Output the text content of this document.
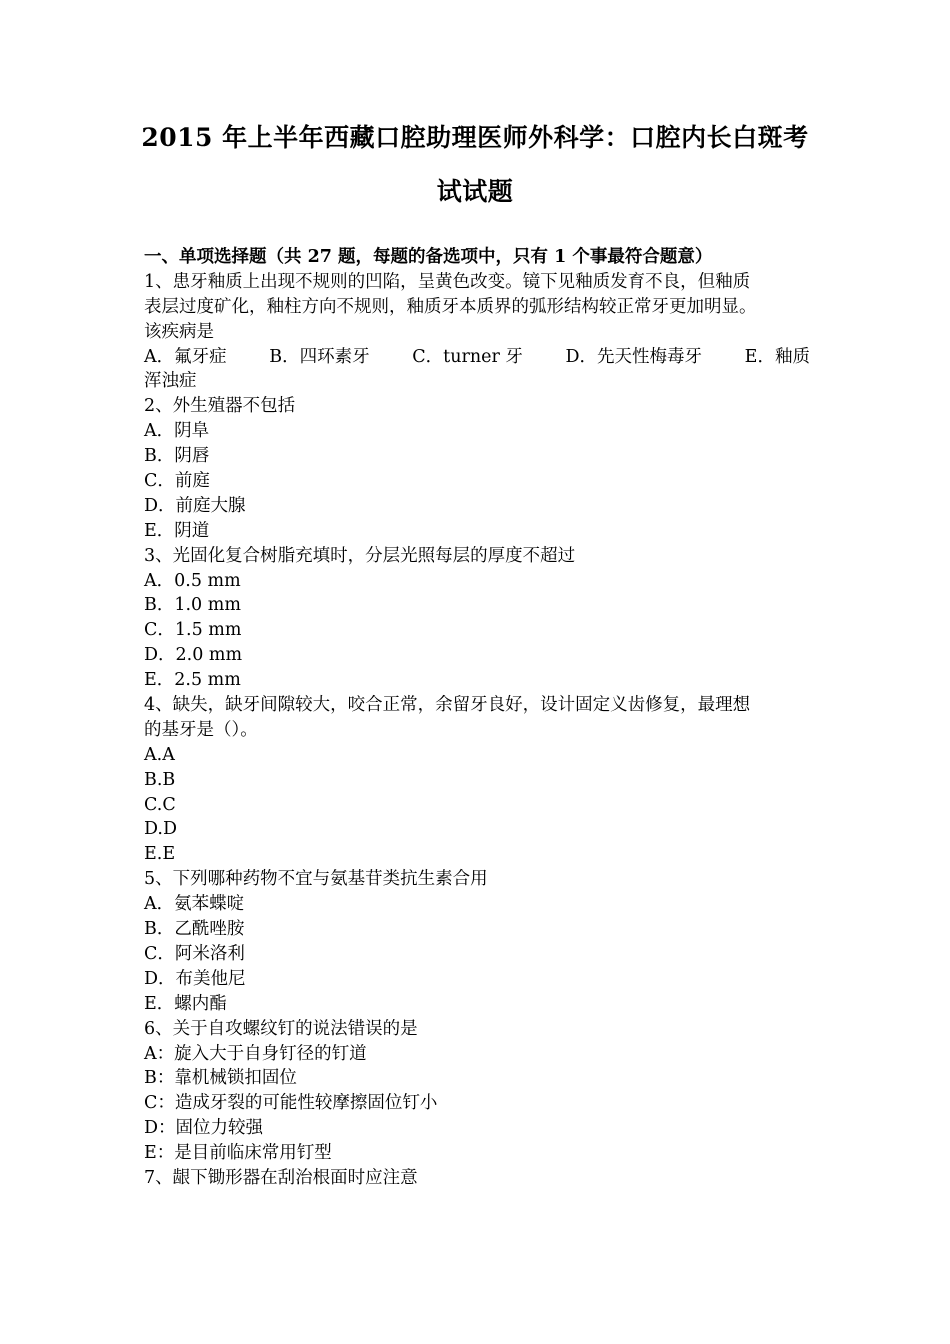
2015 年上半年西藏口腔助理医师外科学：口腔内长白斑考
试试题
一、单项选择题（共 27 题，每题的备选项中，只有 1 个事最符合题意）
1、患牙釉质上出现不规则的凹陷，呈黄色改变。镜下见釉质发育不良，但釉质
表层过度矿化，釉柱方向不规则，釉质牙本质界的弧形结构较正常牙更加明显。
该疾病是
A．氟牙症 B．四环素牙 C．turner 牙 D．先天性梅毒牙 E．釉质
浑浊症
2、外生殖器不包括
A．阴阜
B．阴唇
C．前庭
D．前庭大腺
E．阴道
3、光固化复合树脂充填时，分层光照每层的厚度不超过
A．0.5 mm
B．1.0 mm
C．1.5 mm
D．2.0 mm
E．2.5 mm
4、缺失，缺牙间隙较大，咬合正常，余留牙良好，设计固定义齿修复，最理想
的基牙是（）。
A.A
B.B
C.C
D.D
E.E
5、下列哪种药物不宜与氨基苷类抗生素合用
A．氨苯蝶啶
B．乙酰唑胺
C．阿米洛利
D．布美他尼
E．螺内酯
6、关于自攻螺纹钉的说法错误的是
A：旋入大于自身钉径的钉道
B：靠机械锁扣固位
C：造成牙裂的可能性较摩擦固位钉小
D：固位力较强
E：是目前临床常用钉型
7、龈下锄形器在刮治根面时应注意
